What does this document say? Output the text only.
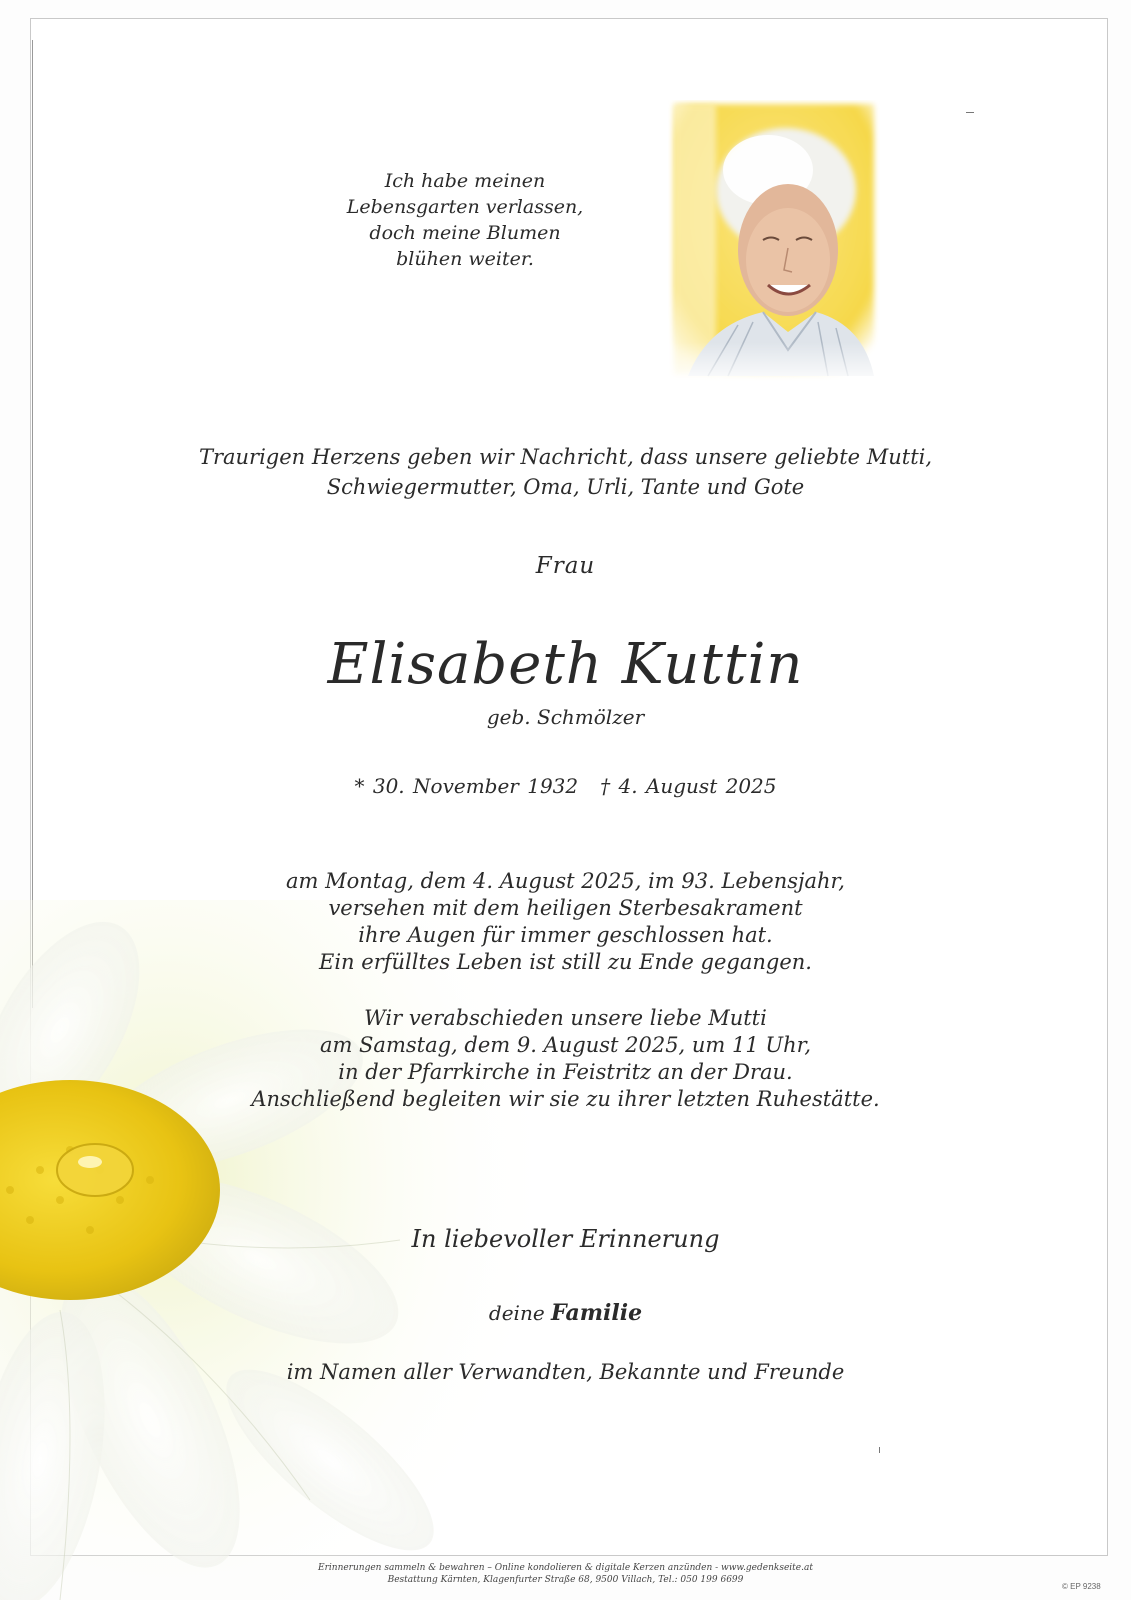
Ich habe meinen
Lebensgarten verlassen,
doch meine Blumen
blühen weiter.
Traurigen Herzens geben wir Nachricht, dass unsere geliebte Mutti,
Schwiegermutter, Oma, Urli, Tante und Gote
Frau
Elisabeth Kuttin
geb. Schmölzer
* 30. November 1932 † 4. August 2025
am Montag, dem 4. August 2025, im 93. Lebensjahr,
versehen mit dem heiligen Sterbesakrament
ihre Augen für immer geschlossen hat.
Ein erfülltes Leben ist still zu Ende gegangen.
Wir verabschieden unsere liebe Mutti
am Samstag, dem 9. August 2025, um 11 Uhr,
in der Pfarrkirche in Feistritz an der Drau.
Anschließend begleiten wir sie zu ihrer letzten Ruhestätte.
In liebevoller Erinnerung
deine Familie
im Namen aller Verwandten, Bekannte und Freunde
Erinnerungen sammeln & bewahren – Online kondolieren & digitale Kerzen anzünden - www.gedenkseite.at
Bestattung Kärnten, Klagenfurter Straße 68, 9500 Villach, Tel.: 050 199 6699
© EP 9238
